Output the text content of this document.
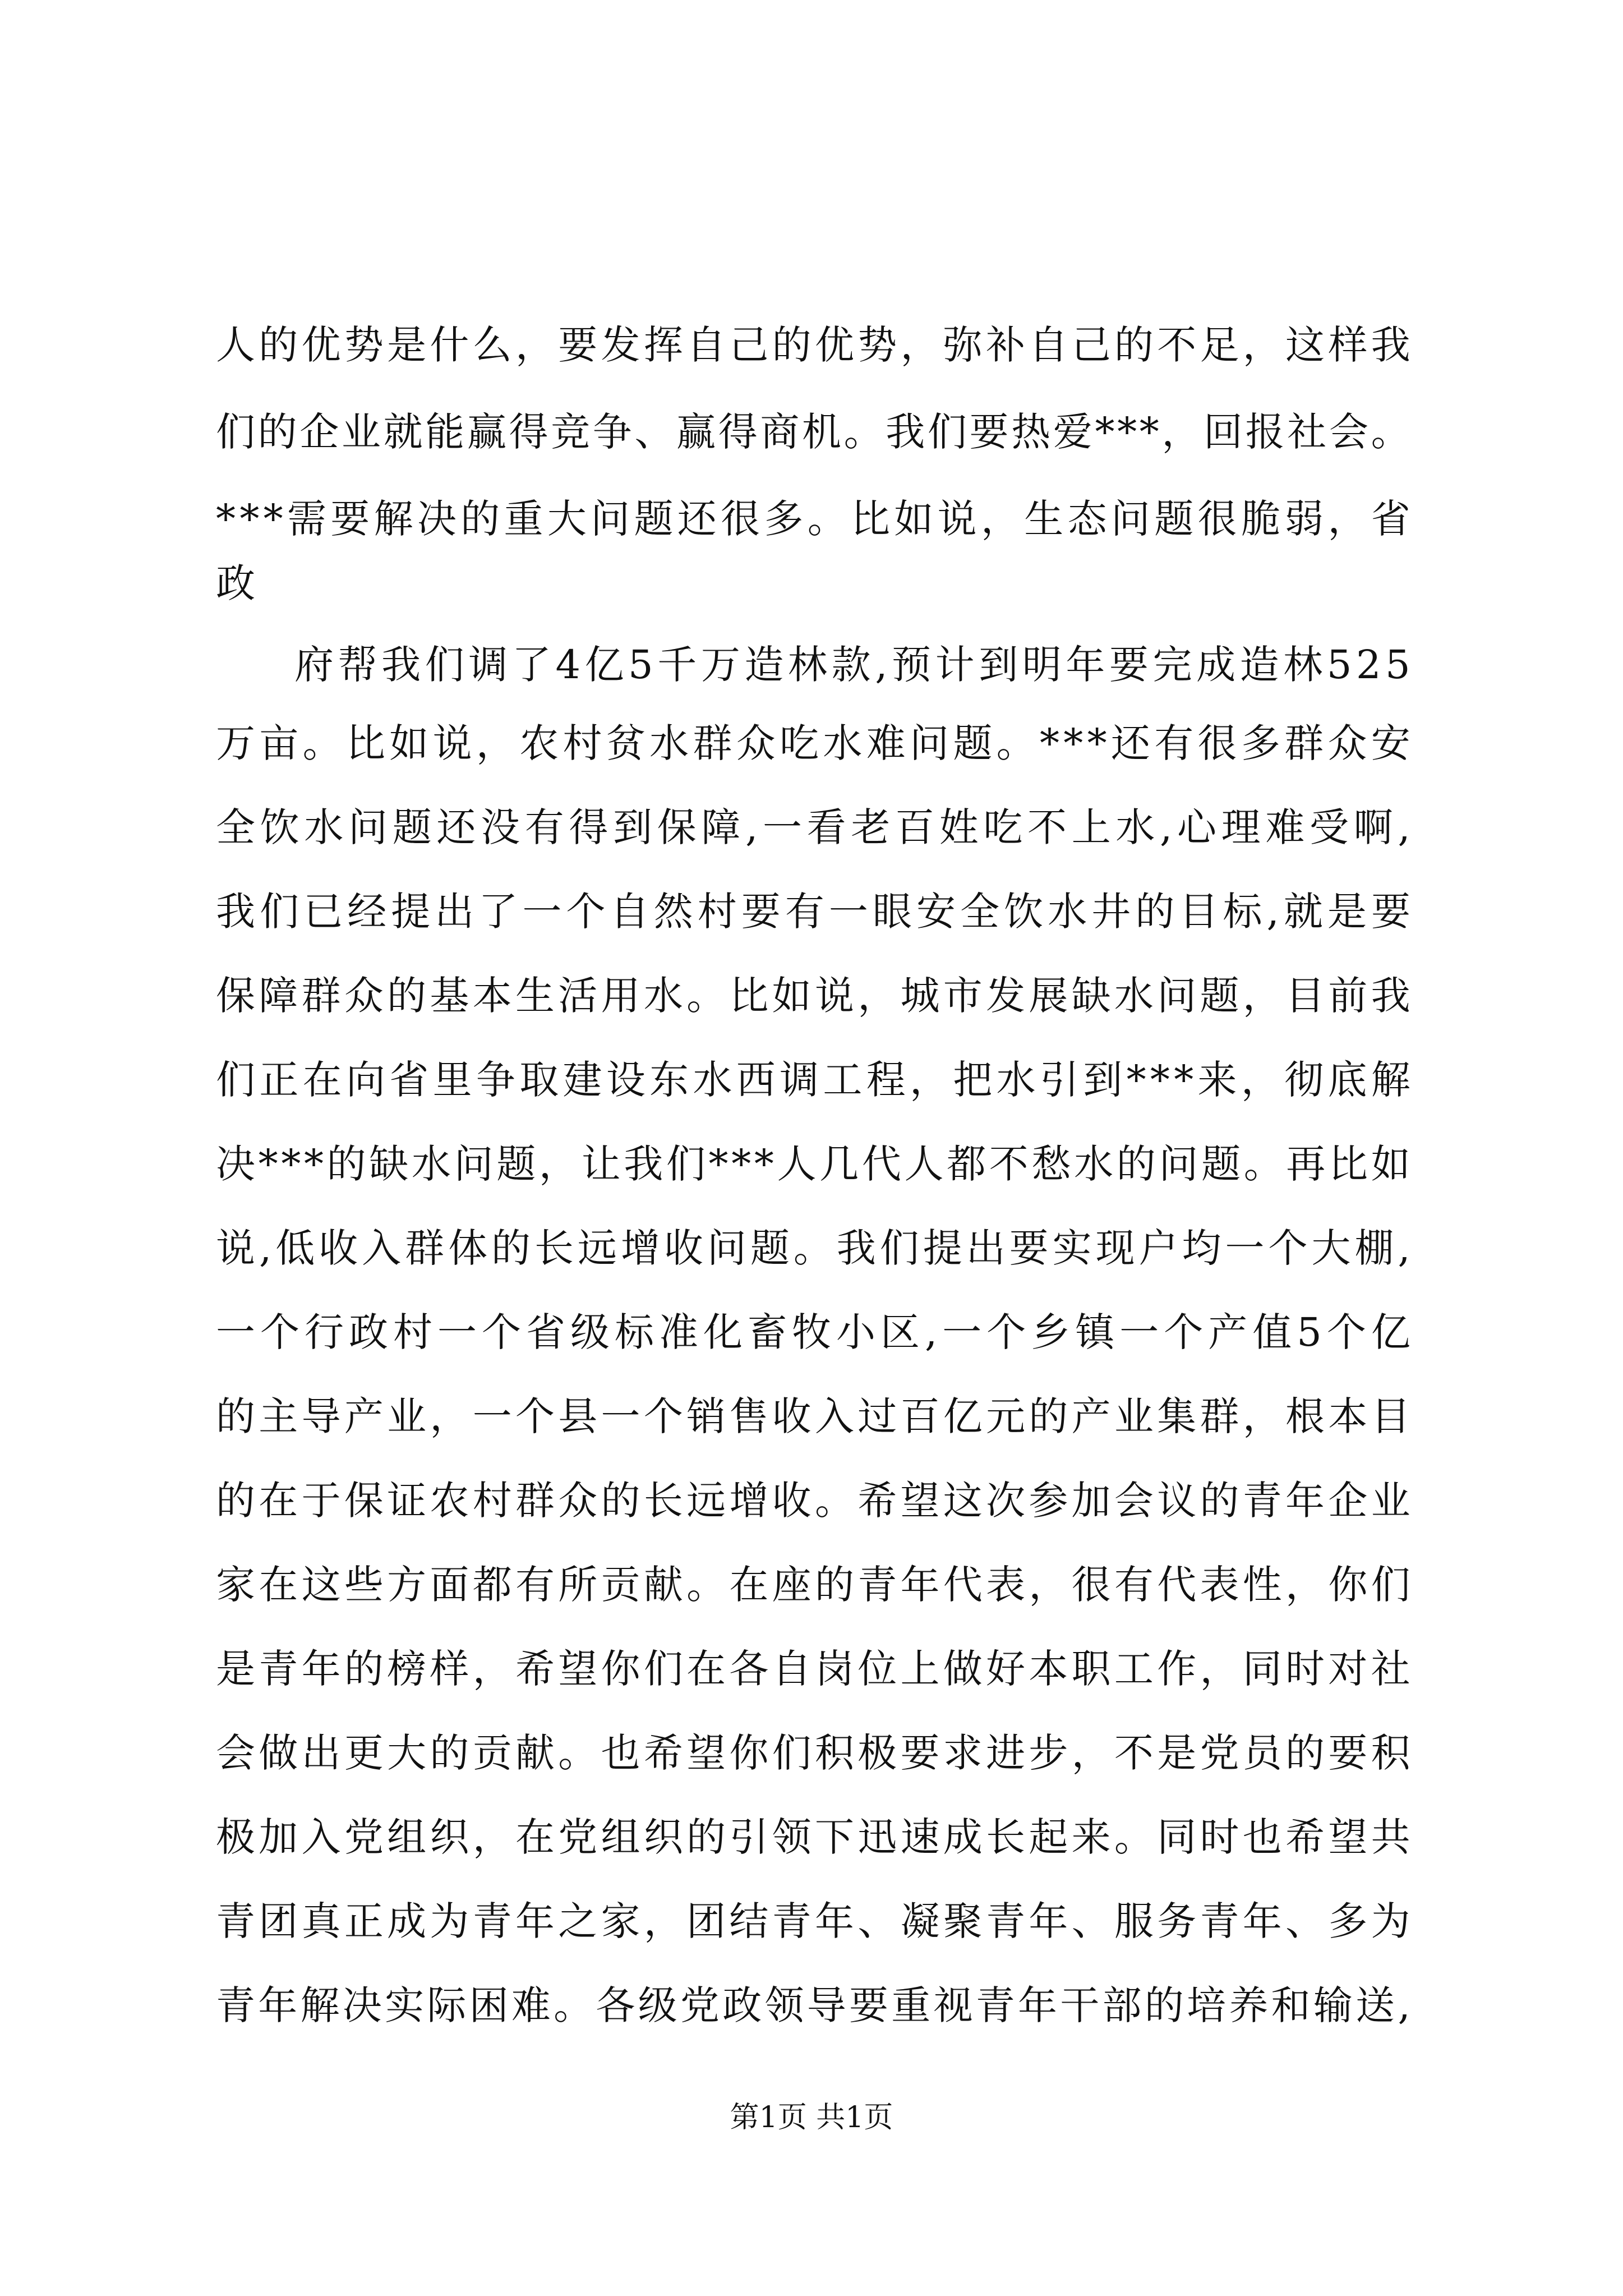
人 的 优 势 是 什 么 ， 要 发 挥 自 己 的 优 势 ， 弥 补 自 己 的 不 足 ， 这 样 我
们 的 企 业 就 能 赢 得 竞 争 、 赢 得 商 机 。 我 们 要 热 爱 * * * ， 回 报 社 会 。
* * * 需 要 解 决 的 重 大 问 题 还 很 多 。 比 如 说 ， 生 态 问 题 很 脆 弱 ， 省
政
府 帮 我 们 调 了 4 亿 5 千 万 造 林 款 , 预 计 到 明 年 要 完 成 造 林 5 2 5
万 亩 。 比 如 说 ， 农 村 贫 水 群 众 吃 水 难 问 题 。 * * * 还 有 很 多 群 众 安
全 饮 水 问 题 还 没 有 得 到 保 障 , 一 看 老 百 姓 吃 不 上 水 , 心 理 难 受 啊 ,
我 们 已 经 提 出 了 一 个 自 然 村 要 有 一 眼 安 全 饮 水 井 的 目 标 , 就 是 要
保 障 群 众 的 基 本 生 活 用 水 。 比 如 说 ， 城 市 发 展 缺 水 问 题 ， 目 前 我
们 正 在 向 省 里 争 取 建 设 东 水 西 调 工 程 ， 把 水 引 到 * * * 来 ， 彻 底 解
决 * * * 的 缺 水 问 题 ， 让 我 们 * * * 人 几 代 人 都 不 愁 水 的 问 题 。 再 比 如
说 , 低 收 入 群 体 的 长 远 增 收 问 题 。 我 们 提 出 要 实 现 户 均 一 个 大 棚 ,
一 个 行 政 村 一 个 省 级 标 准 化 畜 牧 小 区 , 一 个 乡 镇 一 个 产 值 5 个 亿
的 主 导 产 业 ， 一 个 县 一 个 销 售 收 入 过 百 亿 元 的 产 业 集 群 ， 根 本 目
的 在 于 保 证 农 村 群 众 的 长 远 增 收 。 希 望 这 次 参 加 会 议 的 青 年 企 业
家 在 这 些 方 面 都 有 所 贡 献 。 在 座 的 青 年 代 表 ， 很 有 代 表 性 ， 你 们
是 青 年 的 榜 样 ， 希 望 你 们 在 各 自 岗 位 上 做 好 本 职 工 作 ， 同 时 对 社
会 做 出 更 大 的 贡 献 。 也 希 望 你 们 积 极 要 求 进 步 ， 不 是 党 员 的 要 积
极 加 入 党 组 织 ， 在 党 组 织 的 引 领 下 迅 速 成 长 起 来 。 同 时 也 希 望 共
青 团 真 正 成 为 青 年 之 家 ， 团 结 青 年 、 凝 聚 青 年 、 服 务 青 年 、 多 为
青 年 解 决 实 际 困 难 。 各 级 党 政 领 导 要 重 视 青 年 干 部 的 培 养 和 输 送 ,
第1页 共1页
